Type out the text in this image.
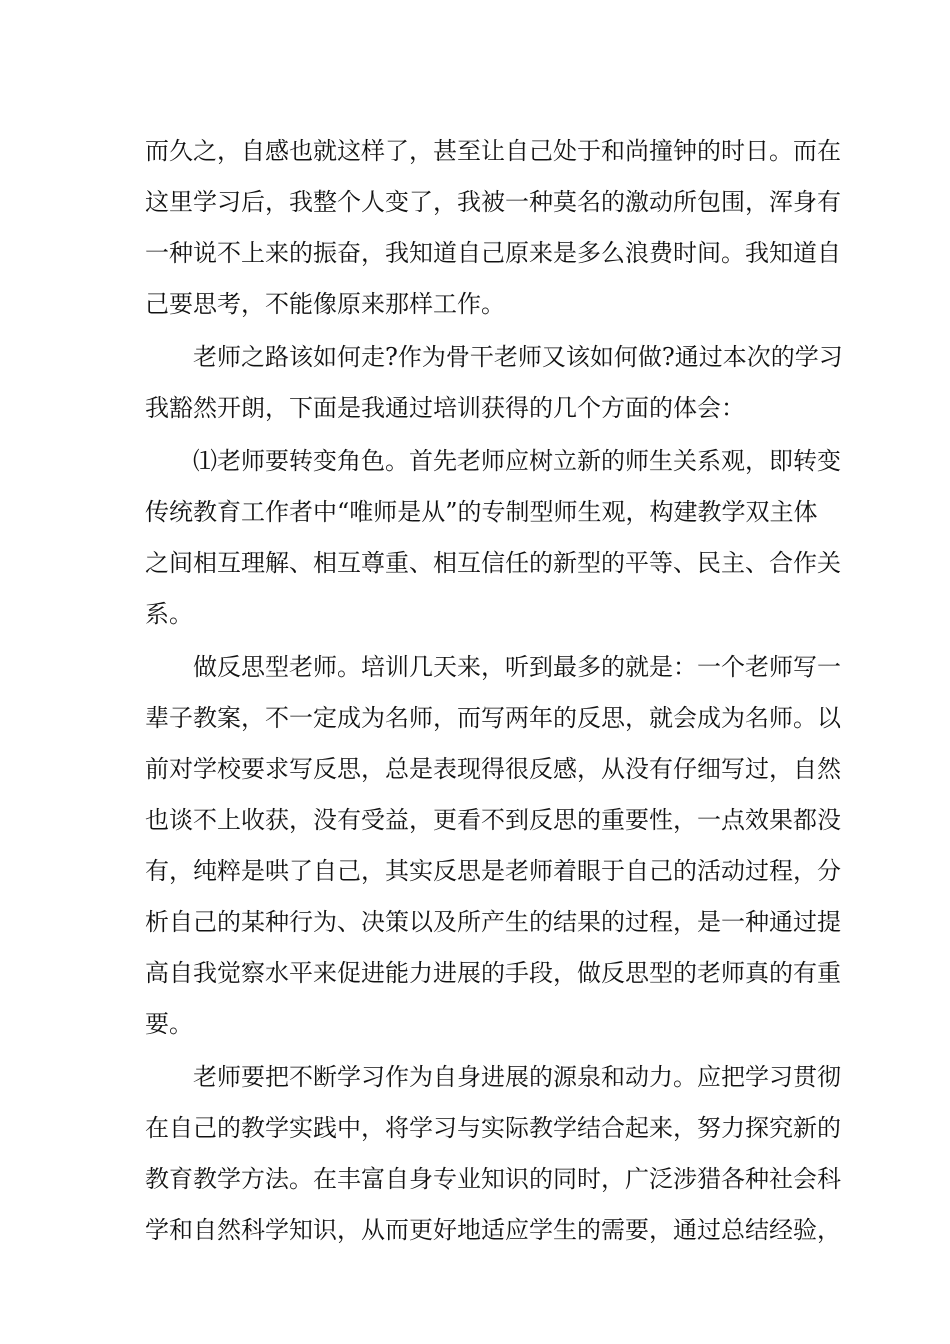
而久之，自感也就这样了，甚至让自己处于和尚撞钟的时日。而在
这里学习后，我整个人变了，我被一种莫名的激动所包围，浑身有
一种说不上来的振奋，我知道自己原来是多么浪费时间。我知道自
己要思考，不能像原来那样工作。
老师之路该如何走?作为骨干老师又该如何做?通过本次的学习
我豁然开朗，下面是我通过培训获得的几个方面的体会：
⑴老师要转变角色。首先老师应树立新的师生关系观，即转变
传统教育工作者中“唯师是从”的专制型师生观，构建教学双主体
之间相互理解、相互尊重、相互信任的新型的平等、民主、合作关
系。
做反思型老师。培训几天来，听到最多的就是：一个老师写一
辈子教案，不一定成为名师，而写两年的反思，就会成为名师。以
前对学校要求写反思，总是表现得很反感，从没有仔细写过，自然
也谈不上收获，没有受益，更看不到反思的重要性，一点效果都没
有，纯粹是哄了自己，其实反思是老师着眼于自己的活动过程，分
析自己的某种行为、决策以及所产生的结果的过程，是一种通过提
高自我觉察水平来促进能力进展的手段，做反思型的老师真的有重
要。
老师要把不断学习作为自身进展的源泉和动力。应把学习贯彻
在自己的教学实践中，将学习与实际教学结合起来，努力探究新的
教育教学方法。在丰富自身专业知识的同时，广泛涉猎各种社会科
学和自然科学知识，从而更好地适应学生的需要，通过总结经验，
